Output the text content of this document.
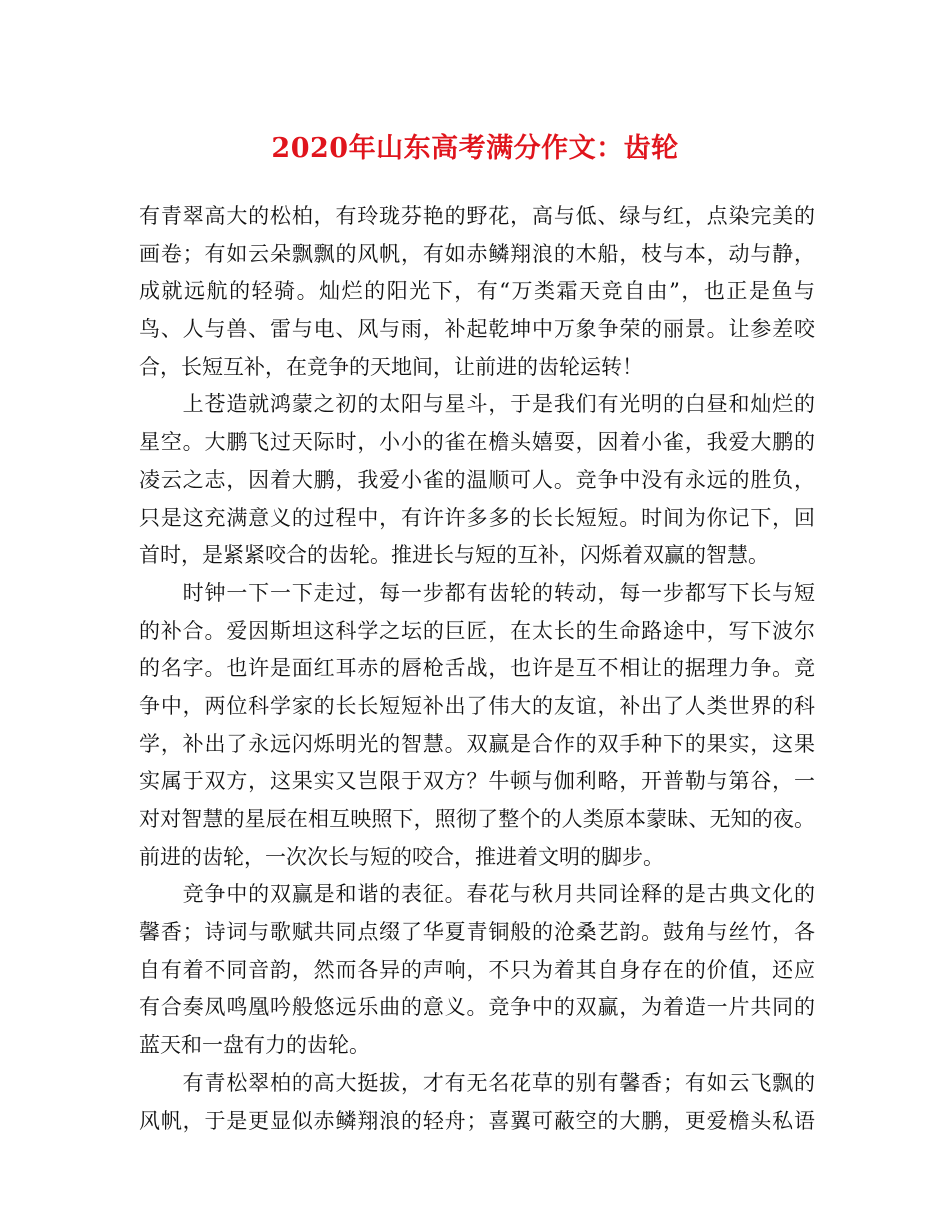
2020年山东高考满分作文：齿轮
有青翠高大的松柏，有玲珑芬艳的野花，高与低、绿与红，点染完美的
画卷；有如云朵飘飘的风帆，有如赤鳞翔浪的木船，枝与本，动与静，
成就远航的轻骑。灿烂的阳光下，有“万类霜天竞自由”，也正是鱼与
鸟、人与兽、雷与电、风与雨，补起乾坤中万象争荣的丽景。让参差咬
合，长短互补，在竞争的天地间，让前进的齿轮运转！
　　上苍造就鸿蒙之初的太阳与星斗，于是我们有光明的白昼和灿烂的
星空。大鹏飞过天际时，小小的雀在檐头嬉耍，因着小雀，我爱大鹏的
凌云之志，因着大鹏，我爱小雀的温顺可人。竞争中没有永远的胜负，
只是这充满意义的过程中，有许许多多的长长短短。时间为你记下，回
首时，是紧紧咬合的齿轮。推进长与短的互补，闪烁着双赢的智慧。
　　时钟一下一下走过，每一步都有齿轮的转动，每一步都写下长与短
的补合。爱因斯坦这科学之坛的巨匠，在太长的生命路途中，写下波尔
的名字。也许是面红耳赤的唇枪舌战，也许是互不相让的据理力争。竞
争中，两位科学家的长长短短补出了伟大的友谊，补出了人类世界的科
学，补出了永远闪烁明光的智慧。双赢是合作的双手种下的果实，这果
实属于双方，这果实又岂限于双方？牛顿与伽利略，开普勒与第谷，一
对对智慧的星辰在相互映照下，照彻了整个的人类原本蒙昧、无知的夜。
前进的齿轮，一次次长与短的咬合，推进着文明的脚步。
　　竞争中的双赢是和谐的表征。春花与秋月共同诠释的是古典文化的
馨香；诗词与歌赋共同点缀了华夏青铜般的沧桑艺韵。鼓角与丝竹，各
自有着不同音韵，然而各异的声响，不只为着其自身存在的价值，还应
有合奏凤鸣凰吟般悠远乐曲的意义。竞争中的双赢，为着造一片共同的
蓝天和一盘有力的齿轮。
　　有青松翠柏的高大挺拔，才有无名花草的别有馨香；有如云飞飘的
风帆，于是更显似赤鳞翔浪的轻舟；喜翼可蔽空的大鹏，更爱檐头私语
